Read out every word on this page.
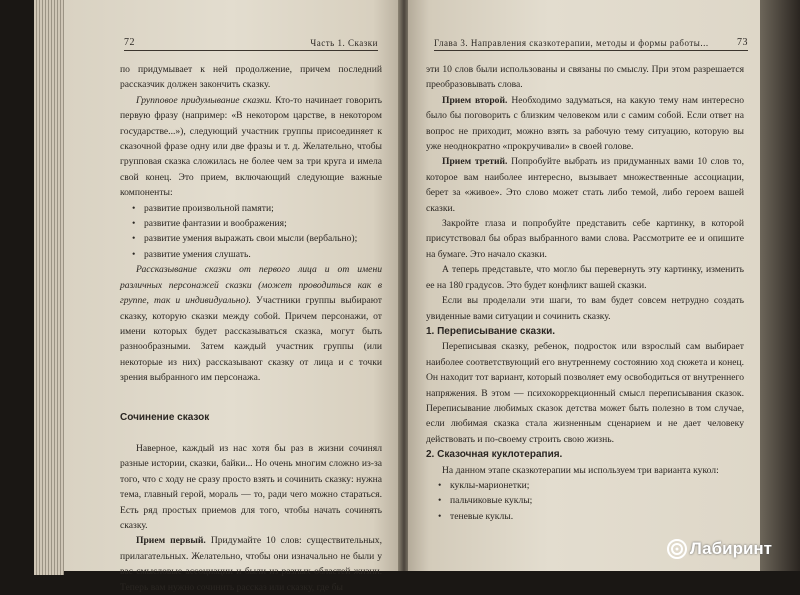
72	Часть 1. Сказки

по придумывает к ней продолжение, причем последний рассказчик должен закончить сказку.

Групповое придумывание сказки. Кто-то начинает говорить первую фразу (например: «В некотором царстве, в некотором государстве...»), следующий участник группы присоединяет к сказочной фразе одну или две фразы и т. д. Желательно, чтобы групповая сказка сложилась не более чем за три круга и имела свой конец. Это прием, включающий следующие важные компоненты:

• развитие произвольной памяти;
• развитие фантазии и воображения;
• развитие умения выражать свои мысли (вербально);
• развитие умения слушать.

Рассказывание сказки от первого лица и от имени различных персонажей сказки (может проводиться как в группе, так и индивидуально). Участники группы выбирают сказку, которую сказки между собой. Причем персонажи, от имени которых будет рассказываться сказка, могут быть разнообразными. Затем каждый участник группы (или некоторые из них) рассказывают сказку от лица и с точки зрения выбранного им персонажа.

Сочинение сказок

Наверное, каждый из нас хотя бы раз в жизни сочинял разные истории, сказки, байки... Но очень многим сложно из-за того, что с ходу не сразу просто взять и сочинить сказку: нужна тема, главный герой, мораль — то, ради чего можно стараться. Есть ряд простых приемов для того, чтобы начать сочинять сказку.

Прием первый. Придумайте 10 слов: существительных, прилагательных. Желательно, чтобы они изначально не были у вас смысловые ассоциации и были из разных областей жизни. Теперь вам нужно сочинить рассказ или сказку, где бы

Глава 3. Направления сказкотерапии, методы и формы работы...	73

эти 10 слов были использованы и связаны по смыслу. При этом разрешается преобразовывать слова.

Прием второй. Необходимо задуматься, на какую тему нам интересно было бы поговорить с близким человеком или с самим собой. Если ответ на вопрос не приходит, можно взять за рабочую тему ситуацию, которую вы уже неоднократно «прокручивали» в своей голове.

Прием третий. Попробуйте выбрать из придуманных вами 10 слов то, которое вам наиболее интересно, вызывает множественные ассоциации, берет за «живое». Это слово может стать либо темой, либо героем вашей сказки.

Закройте глаза и попробуйте представить себе картинку, в которой присутствовал бы образ выбранного вами слова. Рассмотрите ее и опишите на бумаге. Это начало сказки.

А теперь представьте, что могло бы перевернуть эту картинку, изменить ее на 180 градусов. Это будет конфликт вашей сказки.

Если вы проделали эти шаги, то вам будет совсем нетрудно создать увиденные вами ситуации и сочинить сказку.

1. Переписывание сказки.

Переписывая сказку, ребенок, подросток или взрослый сам выбирает наиболее соответствующий его внутреннему состоянию ход сюжета и конец. Он находит тот вариант, который позволяет ему освободиться от внутреннего напряжения. В этом — психокоррекционный смысл переписывания сказок. Переписывание любимых сказок детства может быть полезно в том случае, если любимая сказка стала жизненным сценарием и не дает человеку действовать и по-своему строить свою жизнь.

2. Сказочная куклотерапия.

На данном этапе сказкотерапии мы используем три варианта кукол:

• куклы-марионетки;
• пальчиковые куклы;
• теневые куклы.
Лабиринт
